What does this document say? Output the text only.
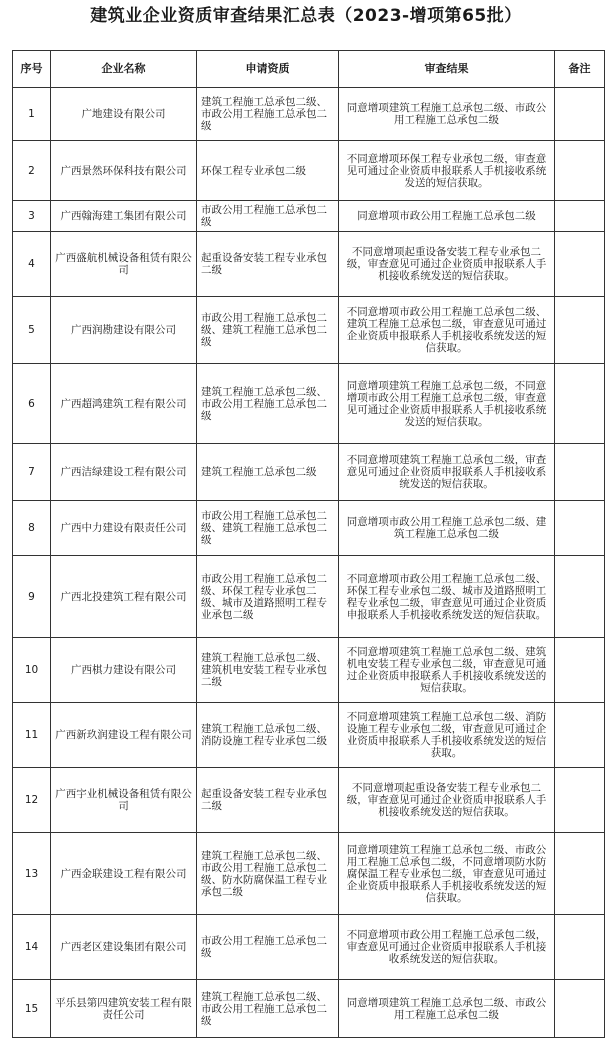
建筑业企业资质审查结果汇总表（2023-增项第65批）
序号	企业名称	申请资质	审查结果	备注
1	广地建设有限公司	建筑工程施工总承包二级、市政公用工程施工总承包二级	同意增项建筑工程施工总承包二级、市政公用工程施工总承包二级	
2	广西景然环保科技有限公司	环保工程专业承包二级	不同意增项环保工程专业承包二级，审查意见可通过企业资质申报联系人手机接收系统发送的短信获取。	
3	广西翰海建工集团有限公司	市政公用工程施工总承包二级	同意增项市政公用工程施工总承包二级	
4	广西盛航机械设备租赁有限公司	起重设备安装工程专业承包二级	不同意增项起重设备安装工程专业承包二级，审查意见可通过企业资质申报联系人手机接收系统发送的短信获取。	
5	广西润勘建设有限公司	市政公用工程施工总承包二级、建筑工程施工总承包二级	不同意增项市政公用工程施工总承包二级、建筑工程施工总承包二级，审查意见可通过企业资质申报联系人手机接收系统发送的短信获取。	
6	广西超鸿建筑工程有限公司	建筑工程施工总承包二级、市政公用工程施工总承包二级	同意增项建筑工程施工总承包二级，不同意增项市政公用工程施工总承包二级，审查意见可通过企业资质申报联系人手机接收系统发送的短信获取。	
7	广西洁绿建设工程有限公司	建筑工程施工总承包二级	不同意增项建筑工程施工总承包二级，审查意见可通过企业资质申报联系人手机接收系统发送的短信获取。	
8	广西中力建设有限责任公司	市政公用工程施工总承包二级、建筑工程施工总承包二级	同意增项市政公用工程施工总承包二级、建筑工程施工总承包二级	
9	广西北投建筑工程有限公司	市政公用工程施工总承包二级、环保工程专业承包二级、城市及道路照明工程专业承包二级	不同意增项市政公用工程施工总承包二级、环保工程专业承包二级、城市及道路照明工程专业承包二级，审查意见可通过企业资质申报联系人手机接收系统发送的短信获取。	
10	广西棋力建设有限公司	建筑工程施工总承包二级、建筑机电安装工程专业承包二级	不同意增项建筑工程施工总承包二级、建筑机电安装工程专业承包二级，审查意见可通过企业资质申报联系人手机接收系统发送的短信获取。	
11	广西新玖润建设工程有限公司	建筑工程施工总承包二级、消防设施工程专业承包二级	不同意增项建筑工程施工总承包二级、消防设施工程专业承包二级，审查意见可通过企业资质申报联系人手机接收系统发送的短信获取。	
12	广西宇业机械设备租赁有限公司	起重设备安装工程专业承包二级	不同意增项起重设备安装工程专业承包二级，审查意见可通过企业资质申报联系人手机接收系统发送的短信获取。	
13	广西金联建设工程有限公司	建筑工程施工总承包二级、市政公用工程施工总承包二级、防水防腐保温工程专业承包二级	同意增项建筑工程施工总承包二级、市政公用工程施工总承包二级，不同意增项防水防腐保温工程专业承包二级，审查意见可通过企业资质申报联系人手机接收系统发送的短信获取。	
14	广西老区建设集团有限公司	市政公用工程施工总承包二级	不同意增项市政公用工程施工总承包二级，审查意见可通过企业资质申报联系人手机接收系统发送的短信获取。	
15	平乐县第四建筑安装工程有限责任公司	建筑工程施工总承包二级、市政公用工程施工总承包二级	同意增项建筑工程施工总承包二级、市政公用工程施工总承包二级	
